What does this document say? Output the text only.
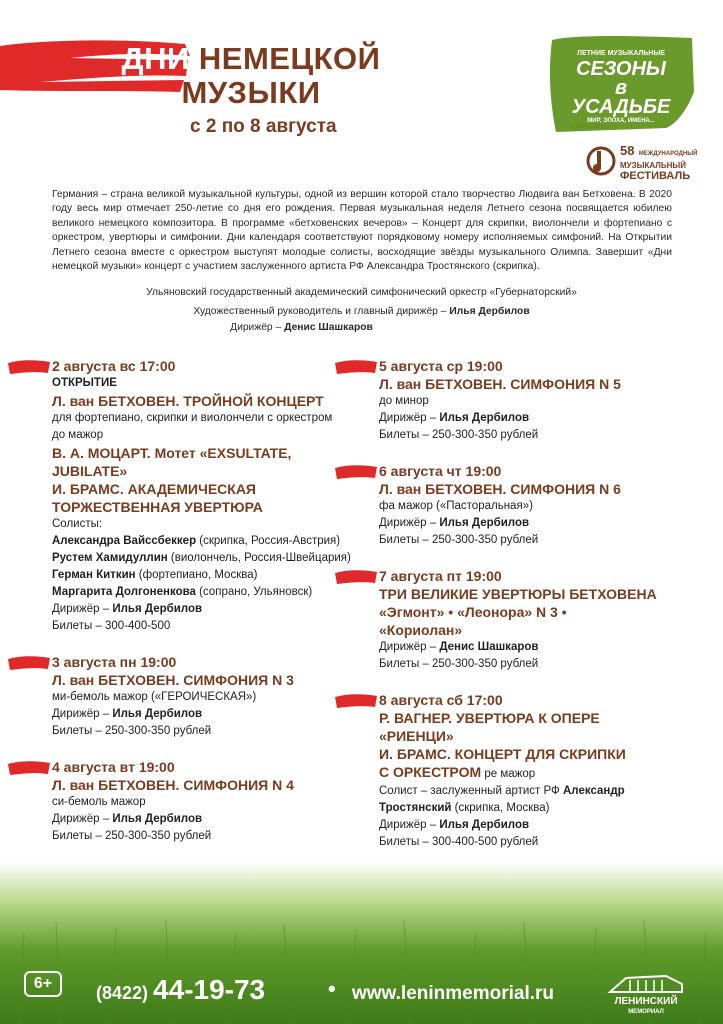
ДНИ НЕМЕЦКОЙ
МУЗЫКИ
с 2 по 8 августа
ЛЕТНИЕ МУЗЫКАЛЬНЫЕ
СЕЗОНЫ
в УСАДЬБЕ
МИР, ЭПОХА, ИМЕНА...
УЛЬЯНОВСК
58 МЕЖДУНАРОДНЫЙ
МУЗЫКАЛЬНЫЙ
ФЕСТИВАЛЬ
Германия – страна великой музыкальной культуры, одной из вершин которой стало творчество Людвига ван Бетховена. В 2020 году весь мир отмечает 250-летие со дня его рождения. Первая музыкальная неделя Летнего сезона посвящается юбилею великого немецкого композитора. В программе «бетховенских вечеров» – Концерт для скрипки, виолончели и фортепиано с оркестром, увертюры и симфонии. Дни календаря соответствуют порядковому номеру исполняемых симфоний. На Открытии Летнего сезона вместе с оркестром выступят молодые солисты, восходящие звёзды музыкального Олимпа. Завершит «Дни немецкой музыки» концерт с участием заслуженного артиста РФ Александра Тростянского (скрипка).
Ульяновский государственный академический симфонический оркестр «Губернаторский»
Художественный руководитель и главный дирижёр – Илья Дербилов
Дирижёр – Денис Шашкаров
2 августа вс 17:00
ОТКРЫТИЕ
Л. ван БЕТХОВЕН. ТРОЙНОЙ КОНЦЕРТ
для фортепиано, скрипки и виолончели с оркестром
до мажор
В. А. МОЦАРТ. Мотет «EXSULTATE,
JUBILATE»
И. БРАМС. АКАДЕМИЧЕСКАЯ
ТОРЖЕСТВЕННАЯ УВЕРТЮРА
Солисты:
Александра Вайссбеккер (скрипка, Россия-Австрия)
Рустем Хамидуллин (виолончель, Россия-Швейцария)
Герман Киткин (фортепиано, Москва)
Маргарита Долгоненкова (сопрано, Ульяновск)
Дирижёр – Илья Дербилов
Билеты – 300-400-500
3 августа пн 19:00
Л. ван БЕТХОВЕН. СИМФОНИЯ N 3
ми-бемоль мажор («ГЕРОИЧЕСКАЯ»)
Дирижёр – Илья Дербилов
Билеты – 250-300-350 рублей
4 августа вт 19:00
Л. ван БЕТХОВЕН. СИМФОНИЯ N 4
си-бемоль мажор
Дирижёр – Илья Дербилов
Билеты – 250-300-350 рублей
5 августа ср 19:00
Л. ван БЕТХОВЕН. СИМФОНИЯ N 5
до минор
Дирижёр – Илья Дербилов
Билеты – 250-300-350 рублей
6 августа чт 19:00
Л. ван БЕТХОВЕН. СИМФОНИЯ N 6
фа мажор («Пасторальная»)
Дирижёр – Илья Дербилов
Билеты – 250-300-350 рублей
7 августа пт 19:00
ТРИ ВЕЛИКИЕ УВЕРТЮРЫ БЕТХОВЕНА
«Эгмонт» • «Леонора» N 3 •
«Кориолан»
Дирижёр – Денис Шашкаров
Билеты – 250-300-350 рублей
8 августа сб 17:00
Р. ВАГНЕР. УВЕРТЮРА К ОПЕРЕ
«РИЕНЦИ»
И. БРАМС. КОНЦЕРТ ДЛЯ СКРИПКИ
С ОРКЕСТРОМ ре мажор
Солист – заслуженный артист РФ Александр
Тростянский (скрипка, Москва)
Дирижёр – Илья Дербилов
Билеты – 300-400-500 рублей
6+	(8422) 44-19-73	• www.leninmemorial.ru	ЛЕНИНСКИЙ
МЕМОРИАЛ
